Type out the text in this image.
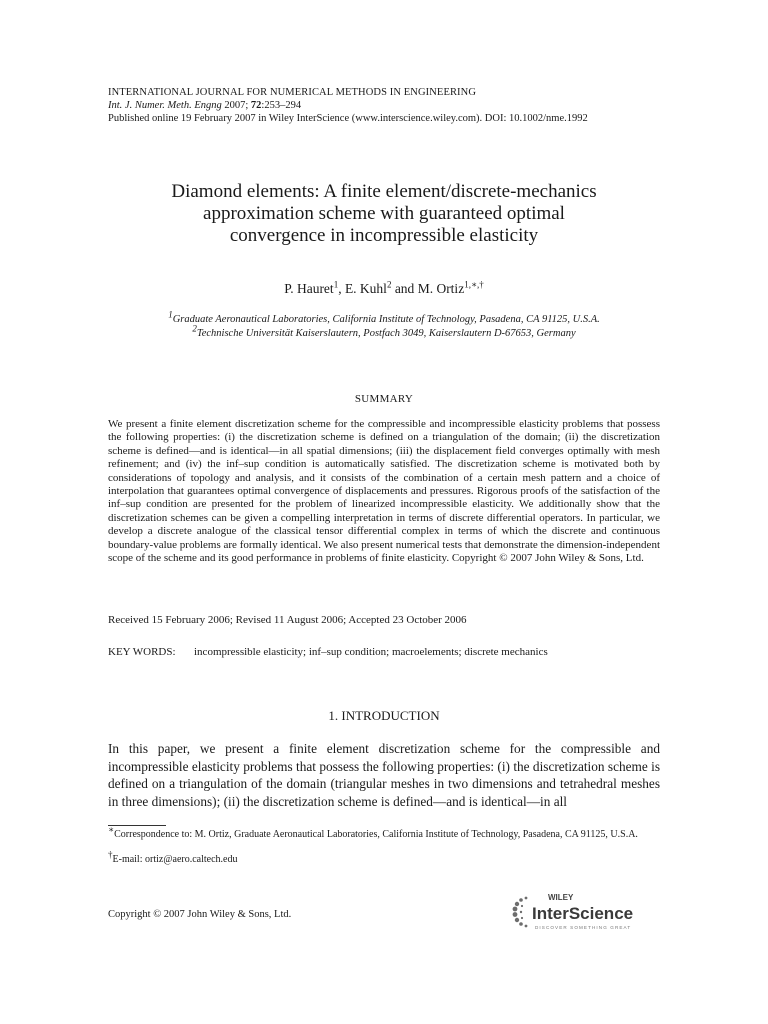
INTERNATIONAL JOURNAL FOR NUMERICAL METHODS IN ENGINEERING
Int. J. Numer. Meth. Engng 2007; 72:253–294
Published online 19 February 2007 in Wiley InterScience (www.interscience.wiley.com). DOI: 10.1002/nme.1992
Diamond elements: A finite element/discrete-mechanics
approximation scheme with guaranteed optimal
convergence in incompressible elasticity
P. Hauret$^1$, E. Kuhl$^2$ and M. Ortiz$^{1,∗,\dagger}$
$^1$Graduate Aeronautical Laboratories, California Institute of Technology, Pasadena, CA 91125, U.S.A.
$^2$Technische Universität Kaiserslautern, Postfach 3049, Kaiserslautern D-67653, Germany
SUMMARY
We present a finite element discretization scheme for the compressible and incompressible elasticity problems that possess the following properties: (i) the discretization scheme is defined on a triangulation of the domain; (ii) the discretization scheme is defined—and is identical—in all spatial dimensions; (iii) the displacement field converges optimally with mesh refinement; and (iv) the inf–sup condition is automatically satisfied. The discretization scheme is motivated both by considerations of topology and analysis, and it consists of the combination of a certain mesh pattern and a choice of interpolation that guarantees optimal convergence of displacements and pressures. Rigorous proofs of the satisfaction of the inf–sup condition are presented for the problem of linearized incompressible elasticity. We additionally show that the discretization schemes can be given a compelling interpretation in terms of discrete differential operators. In particular, we develop a discrete analogue of the classical tensor differential complex in terms of which the discrete and continuous boundary-value problems are formally identical. We also present numerical tests that demonstrate the dimension-independent scope of the scheme and its good performance in problems of finite elasticity. Copyright © 2007 John Wiley & Sons, Ltd.
Received 15 February 2006; Revised 11 August 2006; Accepted 23 October 2006
KEY WORDS: incompressible elasticity; inf–sup condition; macroelements; discrete mechanics
1. INTRODUCTION
In this paper, we present a finite element discretization scheme for the compressible and incompressible elasticity problems that possess the following properties: (i) the discretization scheme is defined on a triangulation of the domain (triangular meshes in two dimensions and tetrahedral meshes in three dimensions); (ii) the discretization scheme is defined—and is identical—in all
∗Correspondence to: M. Ortiz, Graduate Aeronautical Laboratories, California Institute of Technology, Pasadena, CA 91125, U.S.A.
†E-mail: ortiz@aero.caltech.edu
Copyright © 2007 John Wiley & Sons, Ltd.
WILEY
InterScience
DISCOVER SOMETHING GREAT
